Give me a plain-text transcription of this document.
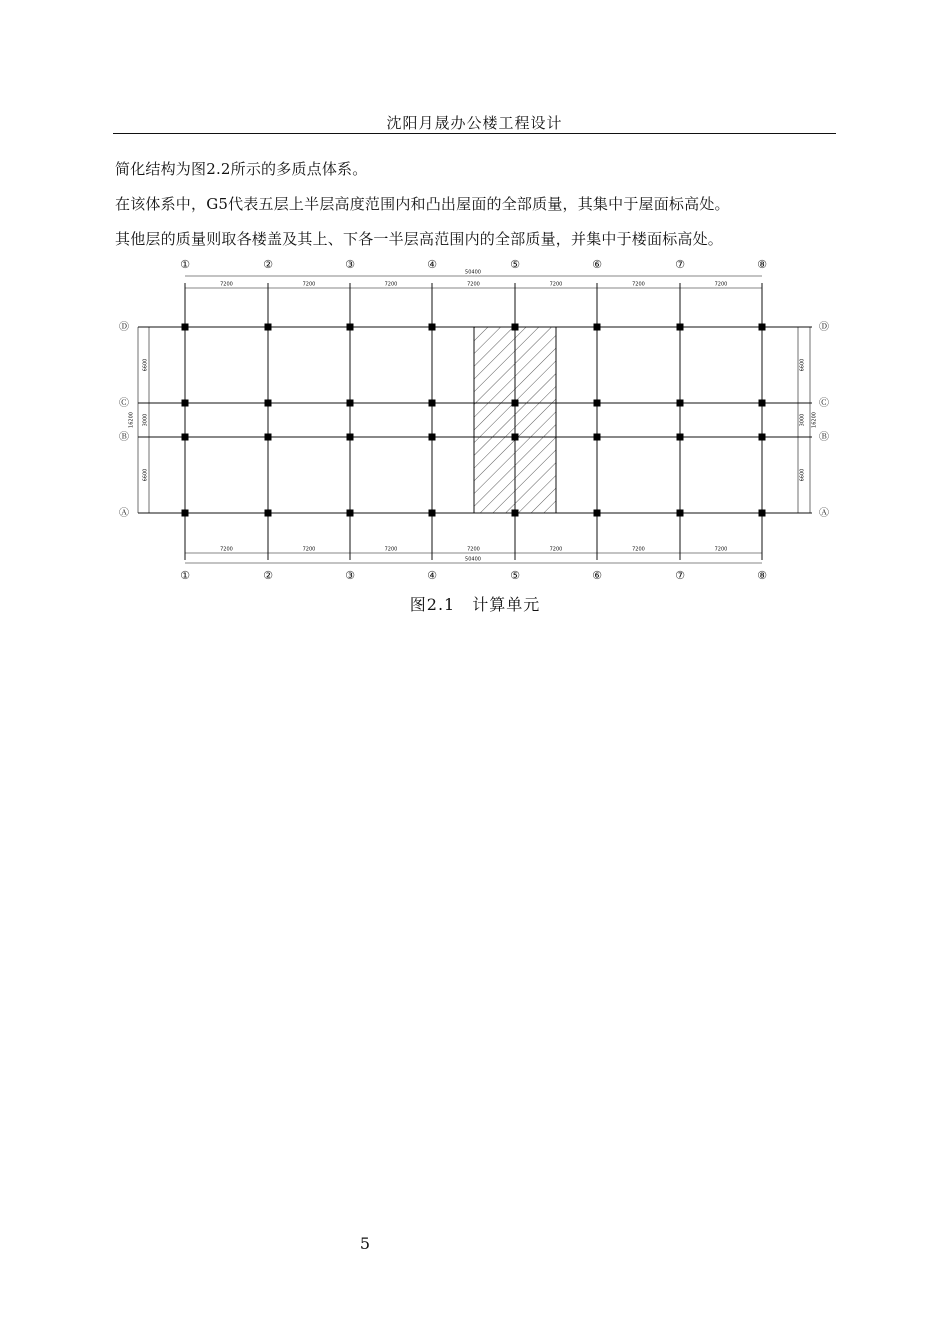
沈阳月晟办公楼工程设计
简化结构为图2.2所示的多质点体系。
在该体系中，G5代表五层上半层高度范围内和凸出屋面的全部质量，其集中于屋面标高处。
其他层的质量则取各楼盖及其上、下各一半层高范围内的全部质量，并集中于楼面标高处。
50400
7200	7200	7200	7200	7200	7200	7200
7200	7200	7200	7200	7200	7200	7200
50400
16200
6600
3000
6600
6600
3000
6600
16200
①
①
②
②
③
③
④
④
⑤
⑤
⑥
⑥
⑦
⑦
⑧
⑧
Ⓓ	Ⓓ
Ⓒ	Ⓒ
Ⓑ	Ⓑ
Ⓐ	Ⓐ
图2.1　计算单元
5
